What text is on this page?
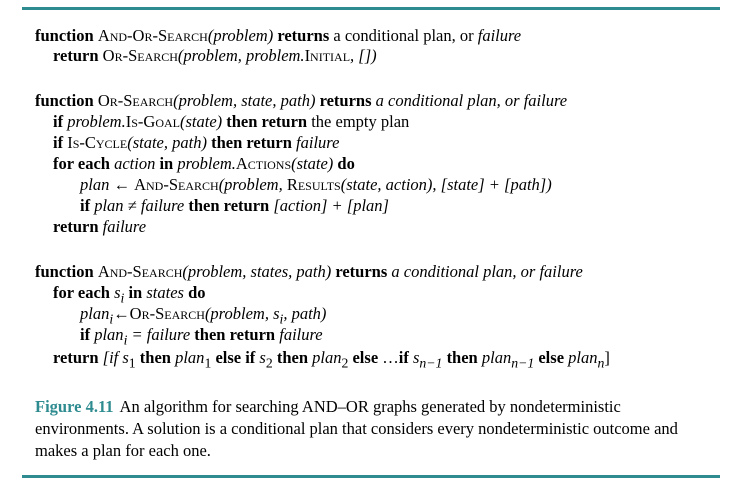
function And-Or-Search(problem) returns a conditional plan, or failure
return Or-Search(problem, problem.Initial, [])
function Or-Search(problem, state, path) returns a conditional plan, or failure
if problem.Is-Goal(state) then return the empty plan
if Is-Cycle(state, path) then return failure
for each action in problem.Actions(state) do
plan ← And-Search(problem, Results(state, action), [state] + [path])
if plan ≠ failure then return [action] + [plan]
return failure
function And-Search(problem, states, path) returns a conditional plan, or failure
for each $s_i$ in states do
plan$_i$←Or-Search(problem, $s_i$, path)
if plan$_i$ = failure then return failure
return [if $s_1$ then plan$_1$ else if $s_2$ then plan$_2$ else …if $s_{n-1}$ then plan$_{n-1}$ else plan$_n$]
Figure 4.11 An algorithm for searching AND–OR graphs generated by nondeterministic environments. A solution is a conditional plan that considers every nondeterministic outcome and makes a plan for each one.
